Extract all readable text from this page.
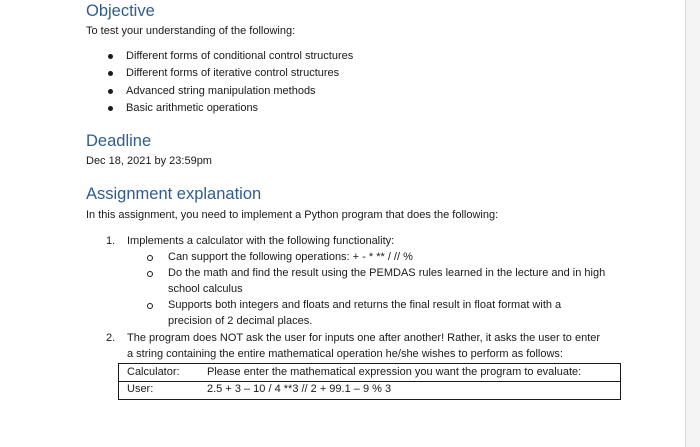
Objective
To test your understanding of the following:
Different forms of conditional control structures
Different forms of iterative control structures
Advanced string manipulation methods
Basic arithmetic operations
Deadline
Dec 18, 2021 by 23:59pm
Assignment explanation
In this assignment, you need to implement a Python program that does the following:
1. Implements a calculator with the following functionality:
Can support the following operations: + - * ** / // %
Do the math and find the result using the PEMDAS rules learned in the lecture and in high
school calculus
Supports both integers and floats and returns the final result in float format with a
precision of 2 decimal places.
2. The program does NOT ask the user for inputs one after another! Rather, it asks the user to enter
a string containing the entire mathematical operation he/she wishes to perform as follows:
Calculator: Please enter the mathematical expression you want the program to evaluate:
User:	2.5 + 3 – 10 / 4 **3 // 2 + 99.1 – 9 % 3
